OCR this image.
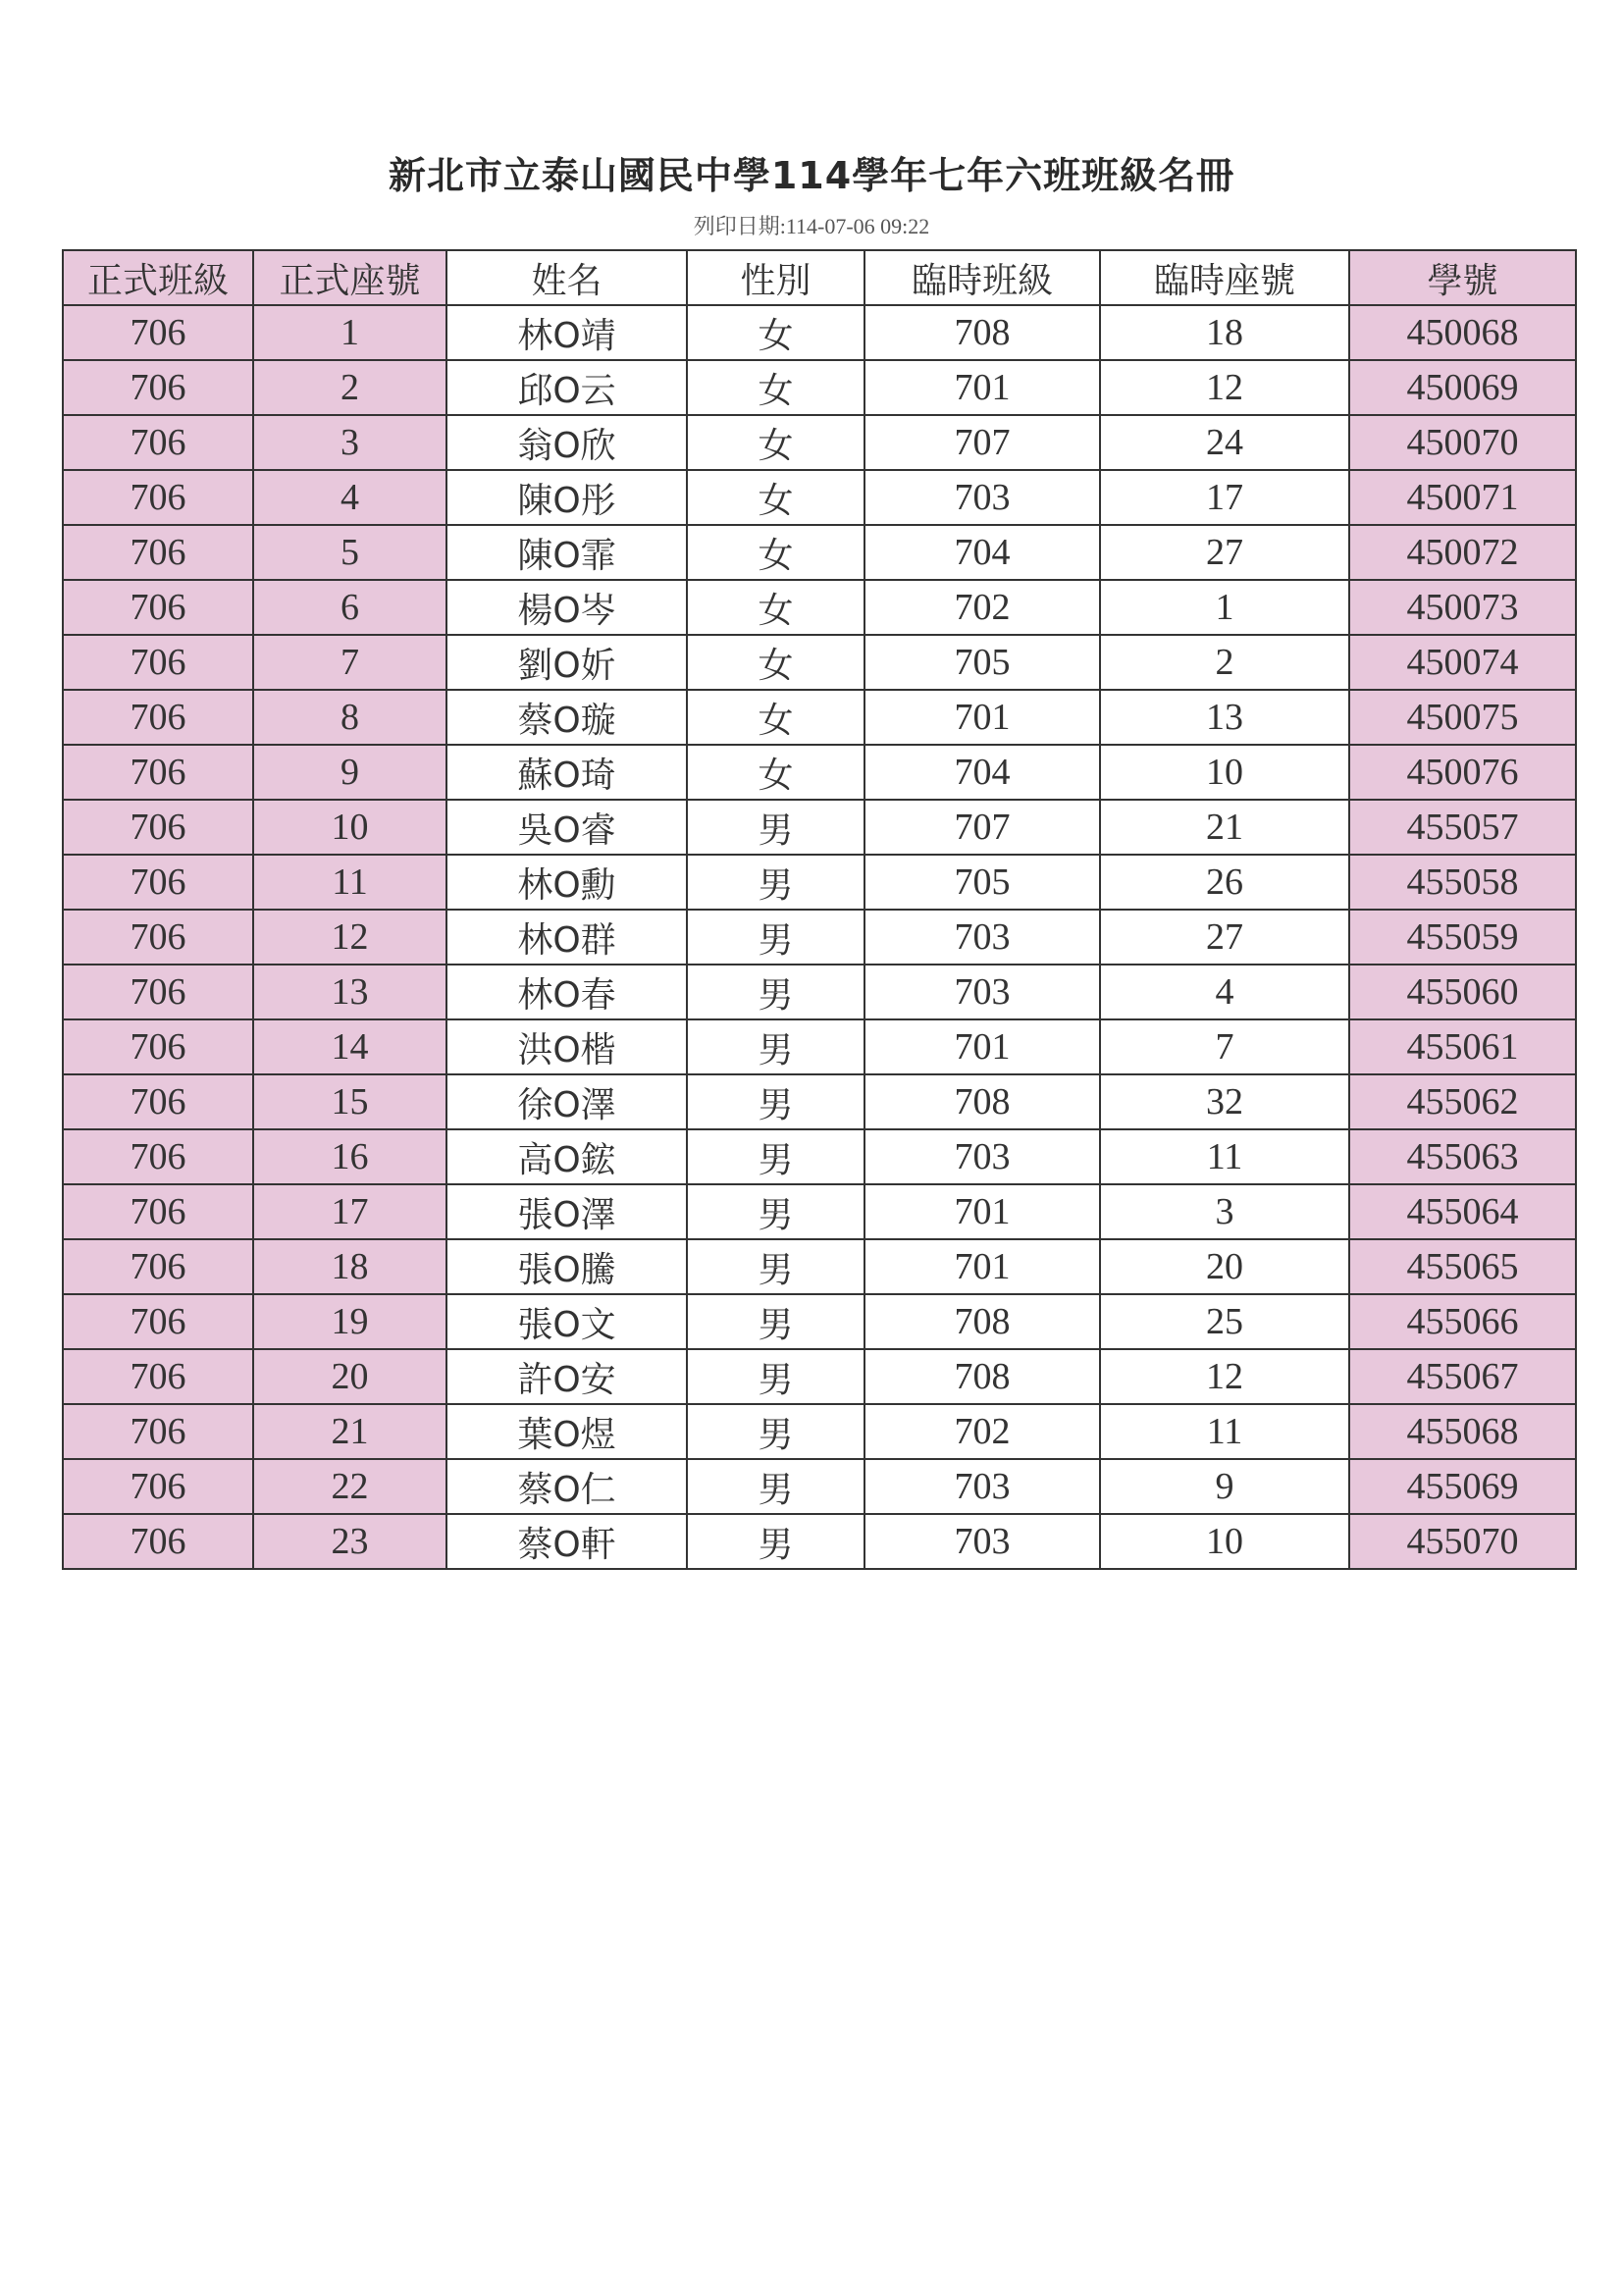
新北市立泰山國民中學114學年七年六班班級名冊
列印日期:114-07-06 09:22
正式班級	正式座號	姓名	性別	臨時班級	臨時座號	學號
706	1	林O靖	女	708	18	450068
706	2	邱O云	女	701	12	450069
706	3	翁O欣	女	707	24	450070
706	4	陳O彤	女	703	17	450071
706	5	陳O霏	女	704	27	450072
706	6	楊O岑	女	702	1	450073
706	7	劉O妡	女	705	2	450074
706	8	蔡O璇	女	701	13	450075
706	9	蘇O琦	女	704	10	450076
706	10	吳O睿	男	707	21	455057
706	11	林O勳	男	705	26	455058
706	12	林O群	男	703	27	455059
706	13	林O春	男	703	4	455060
706	14	洪O楷	男	701	7	455061
706	15	徐O澤	男	708	32	455062
706	16	高O鋐	男	703	11	455063
706	17	張O澤	男	701	3	455064
706	18	張O騰	男	701	20	455065
706	19	張O文	男	708	25	455066
706	20	許O安	男	708	12	455067
706	21	葉O煜	男	702	11	455068
706	22	蔡O仁	男	703	9	455069
706	23	蔡O軒	男	703	10	455070
